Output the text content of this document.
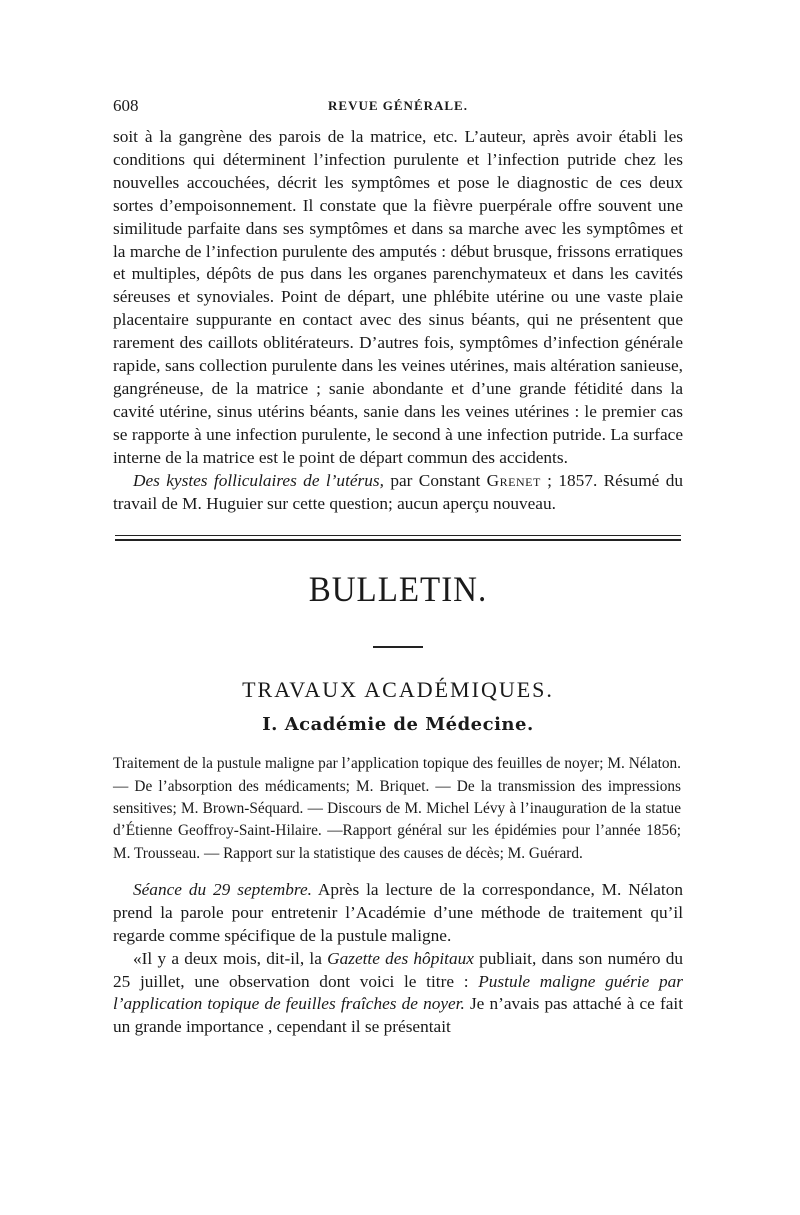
608	REVUE GÉNÉRALE.

soit à la gangrène des parois de la matrice, etc. L’auteur, après avoir établi les conditions qui déterminent l’infection purulente et l’infection putride chez les nouvelles accouchées, décrit les symptômes et pose le diagnostic de ces deux sortes d’empoisonnement. Il constate que la fièvre puerpérale offre souvent une similitude parfaite dans ses symptômes et dans sa marche avec les symptômes et la marche de l’infection purulente des amputés : début brusque, frissons erratiques et multiples, dépôts de pus dans les organes parenchymateux et dans les cavités séreuses et synoviales. Point de départ, une phlébite utérine ou une vaste plaie placentaire suppurante en contact avec des sinus béants, qui ne présentent que rarement des caillots oblitérateurs. D’autres fois, symptômes d’infection générale rapide, sans collection purulente dans les veines utérines, mais altération sanieuse, gangréneuse, de la matrice ; sanie abondante et d’une grande fétidité dans la cavité utérine, sinus utérins béants, sanie dans les veines utérines : le premier cas se rapporte à une infection purulente, le second à une infection putride. La surface interne de la matrice est le point de départ commun des accidents.

Des kystes folliculaires de l’utérus, par Constant Grenet ; 1857. Résumé du travail de M. Huguier sur cette question; aucun aperçu nouveau.

BULLETIN.
TRAVAUX ACADÉMIQUES.
I. Académie de Médecine.

Traitement de la pustule maligne par l’application topique des feuilles de noyer; M. Nélaton. — De l’absorption des médicaments; M. Briquet. — De la transmission des impressions sensitives; M. Brown-Séquard. — Discours de M. Michel Lévy à l’inauguration de la statue d’Étienne Geoffroy-Saint-Hilaire. —Rapport général sur les épidémies pour l’année 1856; M. Trousseau. — Rapport sur la statistique des causes de décès; M. Guérard.

Séance du 29 septembre. Après la lecture de la correspondance, M. Nélaton prend la parole pour entretenir l’Académie d’une méthode de traitement qu’il regarde comme spécifique de la pustule maligne.

«Il y a deux mois, dit-il, la Gazette des hôpitaux publiait, dans son numéro du 25 juillet, une observation dont voici le titre : Pustule maligne guérie par l’application topique de feuilles fraîches de noyer. Je n’avais pas attaché à ce fait un grande importance , cependant il se présentait
